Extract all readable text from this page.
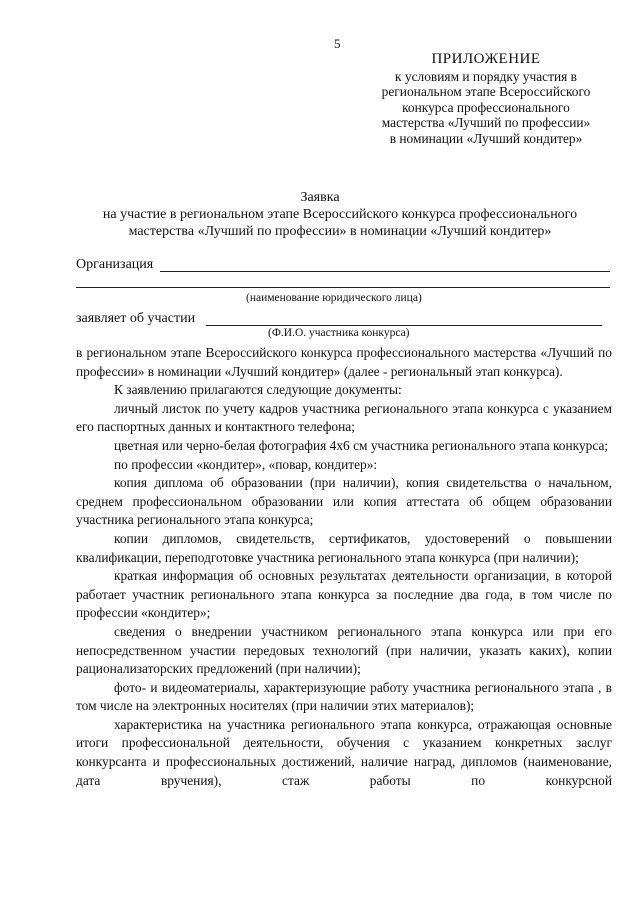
5
ПРИЛОЖЕНИЕ
к условиям и порядку участия в
региональном этапе Всероссийского
конкурса профессионального
мастерства «Лучший по профессии»
в номинации «Лучший кондитер»
Заявка
на участие в региональном этапе Всероссийского конкурса профессионального
мастерства «Лучший по профессии» в номинации «Лучший кондитер»
Организация
(наименование юридического лица)
заявляет об участии
(Ф.И.О. участника конкурса)

в региональном этапе Всероссийского конкурса профессионального мастерства «Лучший по профессии» в номинации «Лучший кондитер» (далее - региональный этап конкурса).

К заявлению прилагаются следующие документы:

личный листок по учету кадров участника регионального этапа конкурса с указанием его паспортных данных и контактного телефона;

цветная или черно-белая фотография 4х6 см участника регионального этапа конкурса;

по профессии «кондитер», «повар, кондитер»:

копия диплома об образовании (при наличии), копия свидетельства о начальном, среднем профессиональном образовании или копия аттестата об общем образовании участника регионального этапа конкурса;

копии дипломов, свидетельств, сертификатов, удостоверений о повышении квалификации, переподготовке участника регионального этапа конкурса (при наличии);

краткая информация об основных результатах деятельности организации, в которой работает участник регионального этапа конкурса за последние два года, в том числе по профессии «кондитер»;

сведения о внедрении участником регионального этапа конкурса или при его непосредственном участии передовых технологий (при наличии, указать каких), копии рационализаторских предложений (при наличии);

фото- и видеоматериалы, характеризующие работу участника регионального этапа , в том числе на электронных носителях (при наличии этих материалов);

характеристика на участника регионального этапа конкурса, отражающая основные итоги профессиональной деятельности, обучения с указанием конкретных заслуг конкурсанта и профессиональных достижений, наличие наград, дипломов (наименование, дата вручения), стаж работы по конкурсной
